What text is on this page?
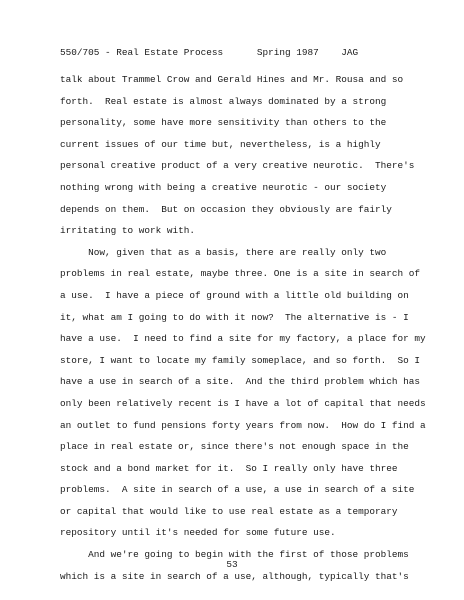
550/705 - Real Estate Process      Spring 1987    JAG
talk about Trammel Crow and Gerald Hines and Mr. Rousa and so
forth.  Real estate is almost always dominated by a strong
personality, some have more sensitivity than others to the
current issues of our time but, nevertheless, is a highly
personal creative product of a very creative neurotic.  There's
nothing wrong with being a creative neurotic - our society
depends on them.  But on occasion they obviously are fairly
irritating to work with.
Now, given that as a basis, there are really only two
problems in real estate, maybe three. One is a site in search of
a use.  I have a piece of ground with a little old building on
it, what am I going to do with it now?  The alternative is - I
have a use.  I need to find a site for my factory, a place for my
store, I want to locate my family someplace, and so forth.  So I
have a use in search of a site.  And the third problem which has
only been relatively recent is I have a lot of capital that needs
an outlet to fund pensions forty years from now.  How do I find a
place in real estate or, since there's not enough space in the
stock and a bond market for it.  So I really only have three
problems.  A site in search of a use, a use in search of a site
or capital that would like to use real estate as a temporary
repository until it's needed for some future use.
And we're going to begin with the first of those problems
which is a site in search of a use, although, typically that's
53
